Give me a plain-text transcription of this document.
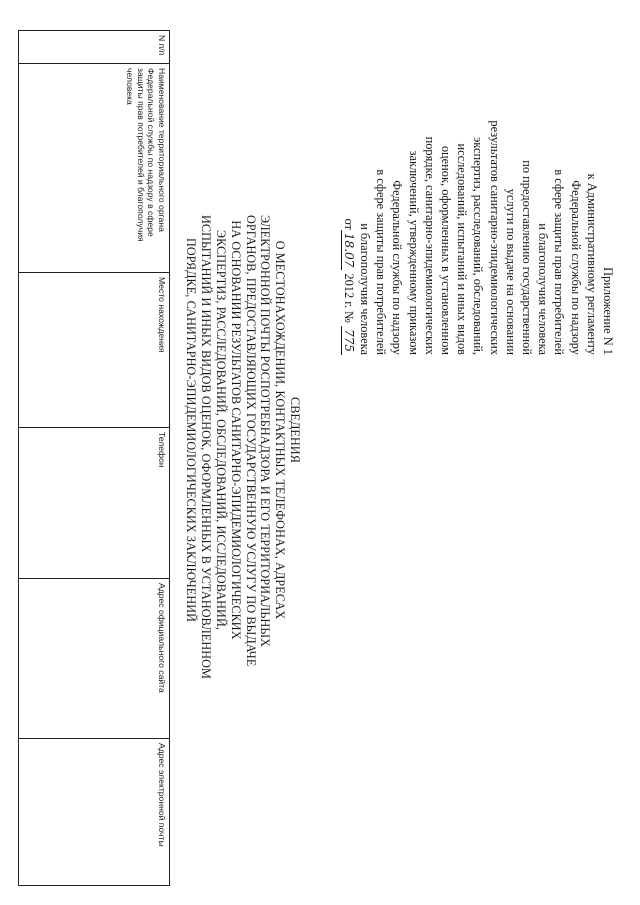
Приложение N 1
к Административному регламенту
Федеральной службы по надзору
в сфере защиты прав потребителей
и благополучия человека
по предоставлению государственной
услуги по выдаче на основании
результатов санитарно-эпидемиологических
экспертиз, расследований, обследований,
исследований, испытаний и иных видов
оценок, оформленных в установленном
порядке, санитарно-эпидемиологических
заключений, утвержденному приказом
Федеральной службы по надзору
в сфере защиты прав потребителей
и благополучия человека
от18.07 2012 г. № 775
СВЕДЕНИЯ
О МЕСТОНАХОЖДЕНИИ, КОНТАКТНЫХ ТЕЛЕФОНАХ, АДРЕСАХ
ЭЛЕКТРОННОЙ ПОЧТЫ РОСПОТРЕБНАДЗОРА И ЕГО ТЕРРИТОРИАЛЬНЫХ
ОРГАНОВ, ПРЕДОСТАВЛЯЮЩИХ ГОСУДАРСТВЕННУЮ УСЛУГУ ПО ВЫДАЧЕ
НА ОСНОВАНИИ РЕЗУЛЬТАТОВ САНИТАРНО-ЭПИДЕМИОЛОГИЧЕСКИХ
ЭКСПЕРТИЗ, РАССЛЕДОВАНИЙ, ОБСЛЕДОВАНИЙ, ИССЛЕДОВАНИЙ,
ИСПЫТАНИЙ И ИНЫХ ВИДОВ ОЦЕНОК, ОФОРМЛЕННЫХ В УСТАНОВЛЕННОМ
ПОРЯДКЕ, САНИТАРНО-ЭПИДЕМИОЛОГИЧЕСКИХ ЗАКЛЮЧЕНИЙ
N п/п	Наименование территориального органа Федеральной службы по надзору в сфере защиты прав потребителей и благополучия человека	Место нахождения	Телефон	Адрес официального сайта	Адрес электронной почты
